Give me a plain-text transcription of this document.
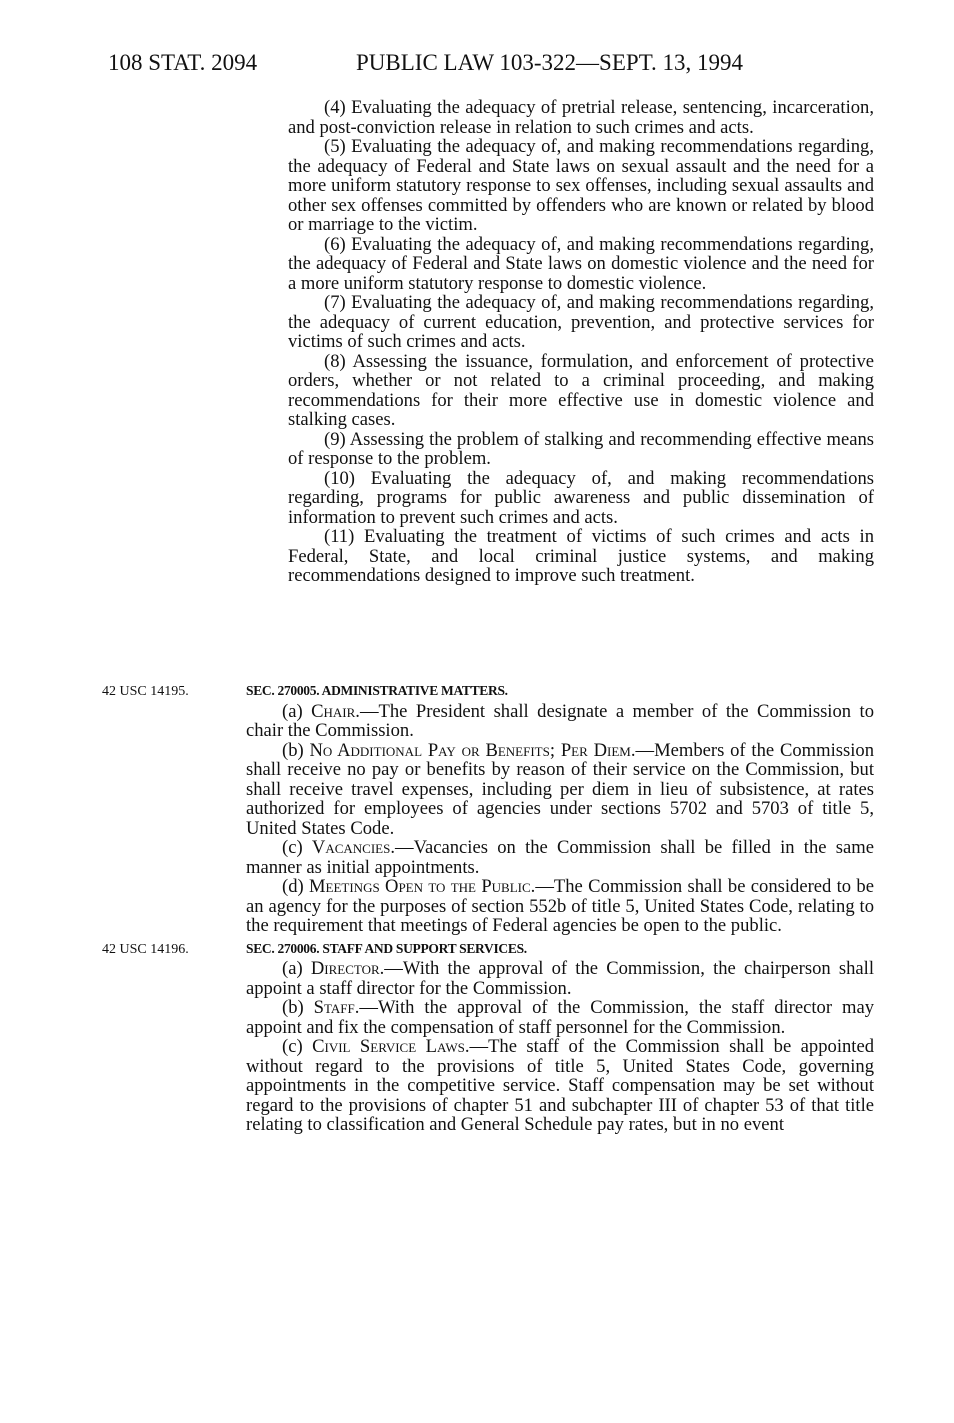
108 STAT. 2094	PUBLIC LAW 103-322—SEPT. 13, 1994

(4) Evaluating the adequacy of pretrial release, sentencing, incarceration, and post-conviction release in relation to such crimes and acts.

(5) Evaluating the adequacy of, and making recommendations regarding, the adequacy of Federal and State laws on sexual assault and the need for a more uniform statutory response to sex offenses, including sexual assaults and other sex offenses committed by offenders who are known or related by blood or marriage to the victim.

(6) Evaluating the adequacy of, and making recommendations regarding, the adequacy of Federal and State laws on domestic violence and the need for a more uniform statutory response to domestic violence.

(7) Evaluating the adequacy of, and making recommendations regarding, the adequacy of current education, prevention, and protective services for victims of such crimes and acts.

(8) Assessing the issuance, formulation, and enforcement of protective orders, whether or not related to a criminal proceeding, and making recommendations for their more effective use in domestic violence and stalking cases.

(9) Assessing the problem of stalking and recommending effective means of response to the problem.

(10) Evaluating the adequacy of, and making recommendations regarding, programs for public awareness and public dissemination of information to prevent such crimes and acts.

(11) Evaluating the treatment of victims of such crimes and acts in Federal, State, and local criminal justice systems, and making recommendations designed to improve such treatment.

42 USC 14195.	SEC. 270005. ADMINISTRATIVE MATTERS.

(a) Chair.—The President shall designate a member of the Commission to chair the Commission.

(b) No Additional Pay or Benefits; Per Diem.—Members of the Commission shall receive no pay or benefits by reason of their service on the Commission, but shall receive travel expenses, including per diem in lieu of subsistence, at rates authorized for employees of agencies under sections 5702 and 5703 of title 5, United States Code.

(c) Vacancies.—Vacancies on the Commission shall be filled in the same manner as initial appointments.

(d) Meetings Open to the Public.—The Commission shall be considered to be an agency for the purposes of section 552b of title 5, United States Code, relating to the requirement that meetings of Federal agencies be open to the public.

42 USC 14196.	SEC. 270006. STAFF AND SUPPORT SERVICES.

(a) Director.—With the approval of the Commission, the chairperson shall appoint a staff director for the Commission.

(b) Staff.—With the approval of the Commission, the staff director may appoint and fix the compensation of staff personnel for the Commission.

(c) Civil Service Laws.—The staff of the Commission shall be appointed without regard to the provisions of title 5, United States Code, governing appointments in the competitive service. Staff compensation may be set without regard to the provisions of chapter 51 and subchapter III of chapter 53 of that title relating to classification and General Schedule pay rates, but in no event
